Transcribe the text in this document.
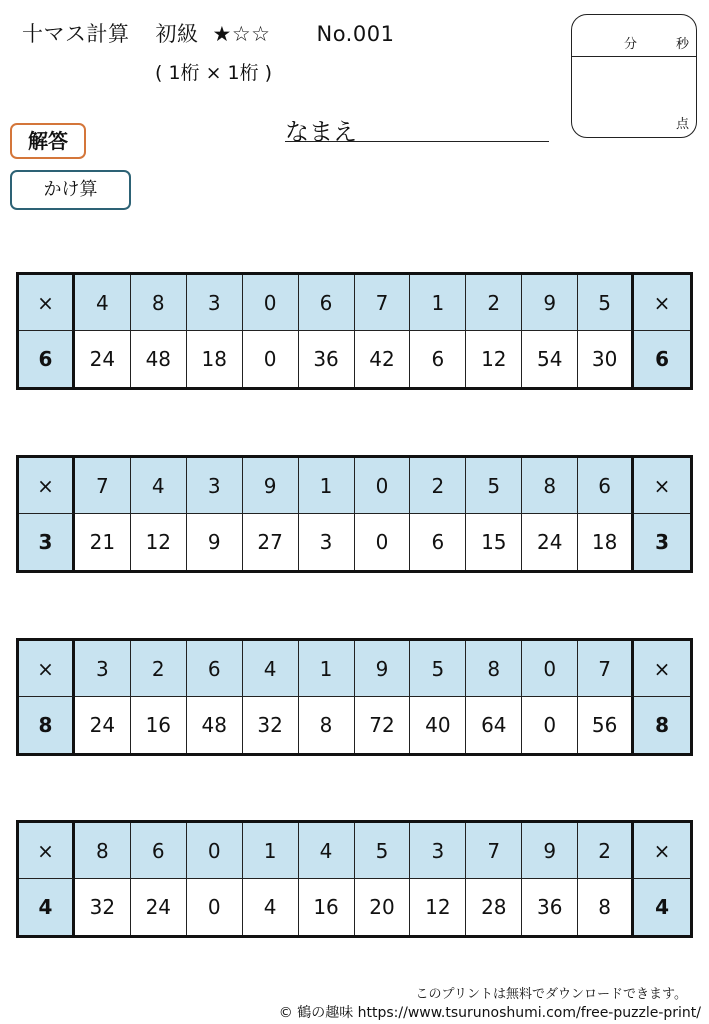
十マス計算 初級 ★☆☆ No.001
( 1桁 × 1桁 )
分	秒
点
解答
かけ算
なまえ
×	4	8	3	0	6	7	1	2	9	5	×
6	24	48	18	0	36	42	6	12	54	30	6
×	7	4	3	9	1	0	2	5	8	6	×
3	21	12	9	27	3	0	6	15	24	18	3
×	3	2	6	4	1	9	5	8	0	7	×
8	24	16	48	32	8	72	40	64	0	56	8
×	8	6	0	1	4	5	3	7	9	2	×
4	32	24	0	4	16	20	12	28	36	8	4
このプリントは無料でダウンロードできます。
© 鶴の趣味 https://www.tsurunoshumi.com/free-puzzle-print/
